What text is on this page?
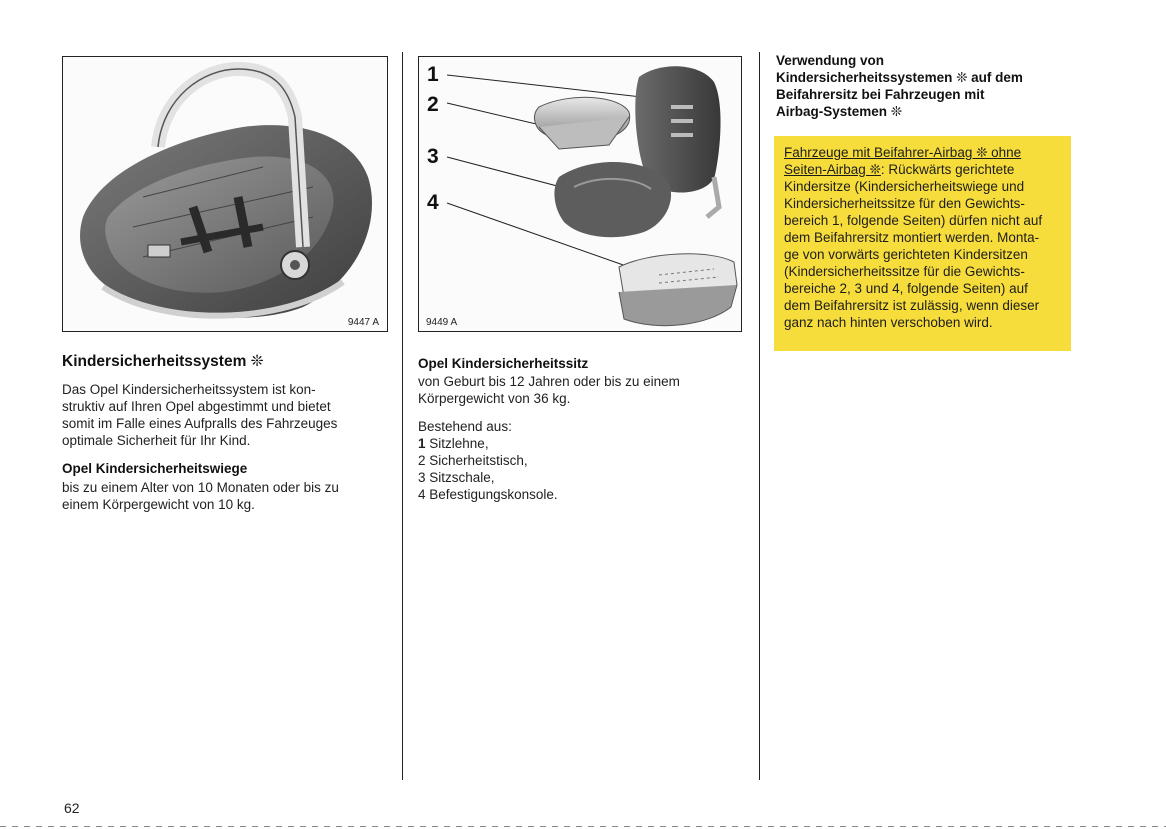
9447 A
1
2
3
4
9449 A
Kindersicherheitssystem ❊

Das Opel Kindersicherheitssystem ist kon-

struktiv auf Ihren Opel abgestimmt und bietet

somit im Falle eines Aufpralls des Fahrzeuges

optimale Sicherheit für Ihr Kind.

Opel Kindersicherheitswiege

bis zu einem Alter von 10 Monaten oder bis zu

einem Körpergewicht von 10 kg.

Opel Kindersicherheitssitz

von Geburt bis 12 Jahren oder bis zu einem

Körpergewicht von 36 kg.

Bestehend aus:
1 Sitzlehne,
2 Sicherheitstisch,
3 Sitzschale,
4 Befestigungskonsole.
Verwendung von
Kindersicherheitssystemen ❊ auf dem
Beifahrersitz bei Fahrzeugen mit
Airbag-Systemen ❊
Fahrzeuge mit Beifahrer-Airbag ❊ ohne
Seiten-Airbag ❊: Rückwärts gerichtete
Kindersitze (Kindersicherheitswiege und
Kindersicherheitssitze für den Gewichts-
bereich 1, folgende Seiten) dürfen nicht auf
dem Beifahrersitz montiert werden. Monta-
ge von vorwärts gerichteten Kindersitzen
(Kindersicherheitssitze für die Gewichts-
bereiche 2, 3 und 4, folgende Seiten) auf
dem Beifahrersitz ist zulässig, wenn dieser
ganz nach hinten verschoben wird.
62
